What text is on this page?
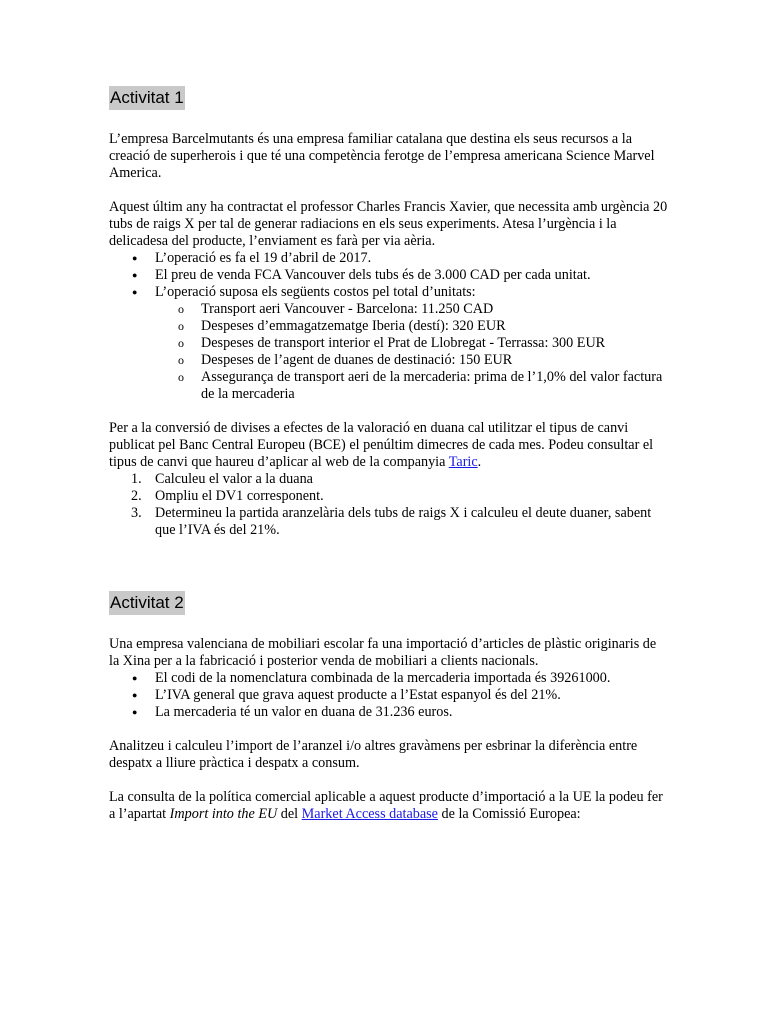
Activitat 1

L’empresa Barcelmutants és una empresa familiar catalana que destina els seus recursos a la creació de superherois i que té una competència ferotge de l’empresa americana Science Marvel America.

Aquest últim any ha contractat el professor Charles Francis Xavier, que necessita amb urgència 20 tubs de raigs X per tal de generar radiacions en els seus experiments. Atesa l’urgència i la delicadesa del producte, l’enviament es farà per via aèria.

● L’operació es fa el 19 d’abril de 2017.
● El preu de venda FCA Vancouver dels tubs és de 3.000 CAD per cada unitat.
● L’operació suposa els següents costos pel total d’unitats:
o Transport aeri Vancouver - Barcelona: 11.250 CAD
o Despeses d’emmagatzematge Iberia (destí): 320 EUR
o Despeses de transport interior el Prat de Llobregat - Terrassa: 300 EUR
o Despeses de l’agent de duanes de destinació: 150 EUR
o Assegurança de transport aeri de la mercaderia: prima de l’1,0% del valor factura de la mercaderia

Per a la conversió de divises a efectes de la valoració en duana cal utilitzar el tipus de canvi publicat pel Banc Central Europeu (BCE) el penúltim dimecres de cada mes. Podeu consultar el tipus de canvi que haureu d’aplicar al web de la companyia Taric.

1. Calculeu el valor a la duana
2. Ompliu el DV1 corresponent.
3. Determineu la partida aranzelària dels tubs de raigs X i calculeu el deute duaner, sabent que l’IVA és del 21%.
Activitat 2

Una empresa valenciana de mobiliari escolar fa una importació d’articles de plàstic originaris de la Xina per a la fabricació i posterior venda de mobiliari a clients nacionals.

● El codi de la nomenclatura combinada de la mercaderia importada és 39261000.
● L’IVA general que grava aquest producte a l’Estat espanyol és del 21%.
● La mercaderia té un valor en duana de 31.236 euros.

Analitzeu i calculeu l’import de l’aranzel i/o altres gravàmens per esbrinar la diferència entre despatx a lliure pràctica i despatx a consum.

La consulta de la política comercial aplicable a aquest producte d’importació a la UE la podeu fer a l’apartat Import into the EU del Market Access database de la Comissió Europea:
